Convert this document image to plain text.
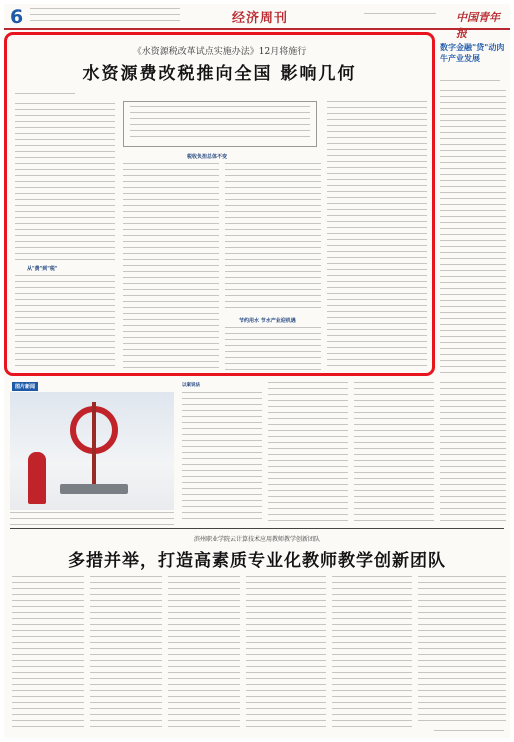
6	经济周刊	中国青年报
《水资源税改革试点实施办法》12月将施行
水资源费改税推向全国 影响几何
从"费"到"税"
税收负担总体不变
节约用水 节水产业迎机遇
数字金融"贷"动肉牛产业发展
图片新闻	以案说法
滨州职业学院云计算技术应用教师教学创新团队
多措并举，打造高素质专业化教师教学创新团队
